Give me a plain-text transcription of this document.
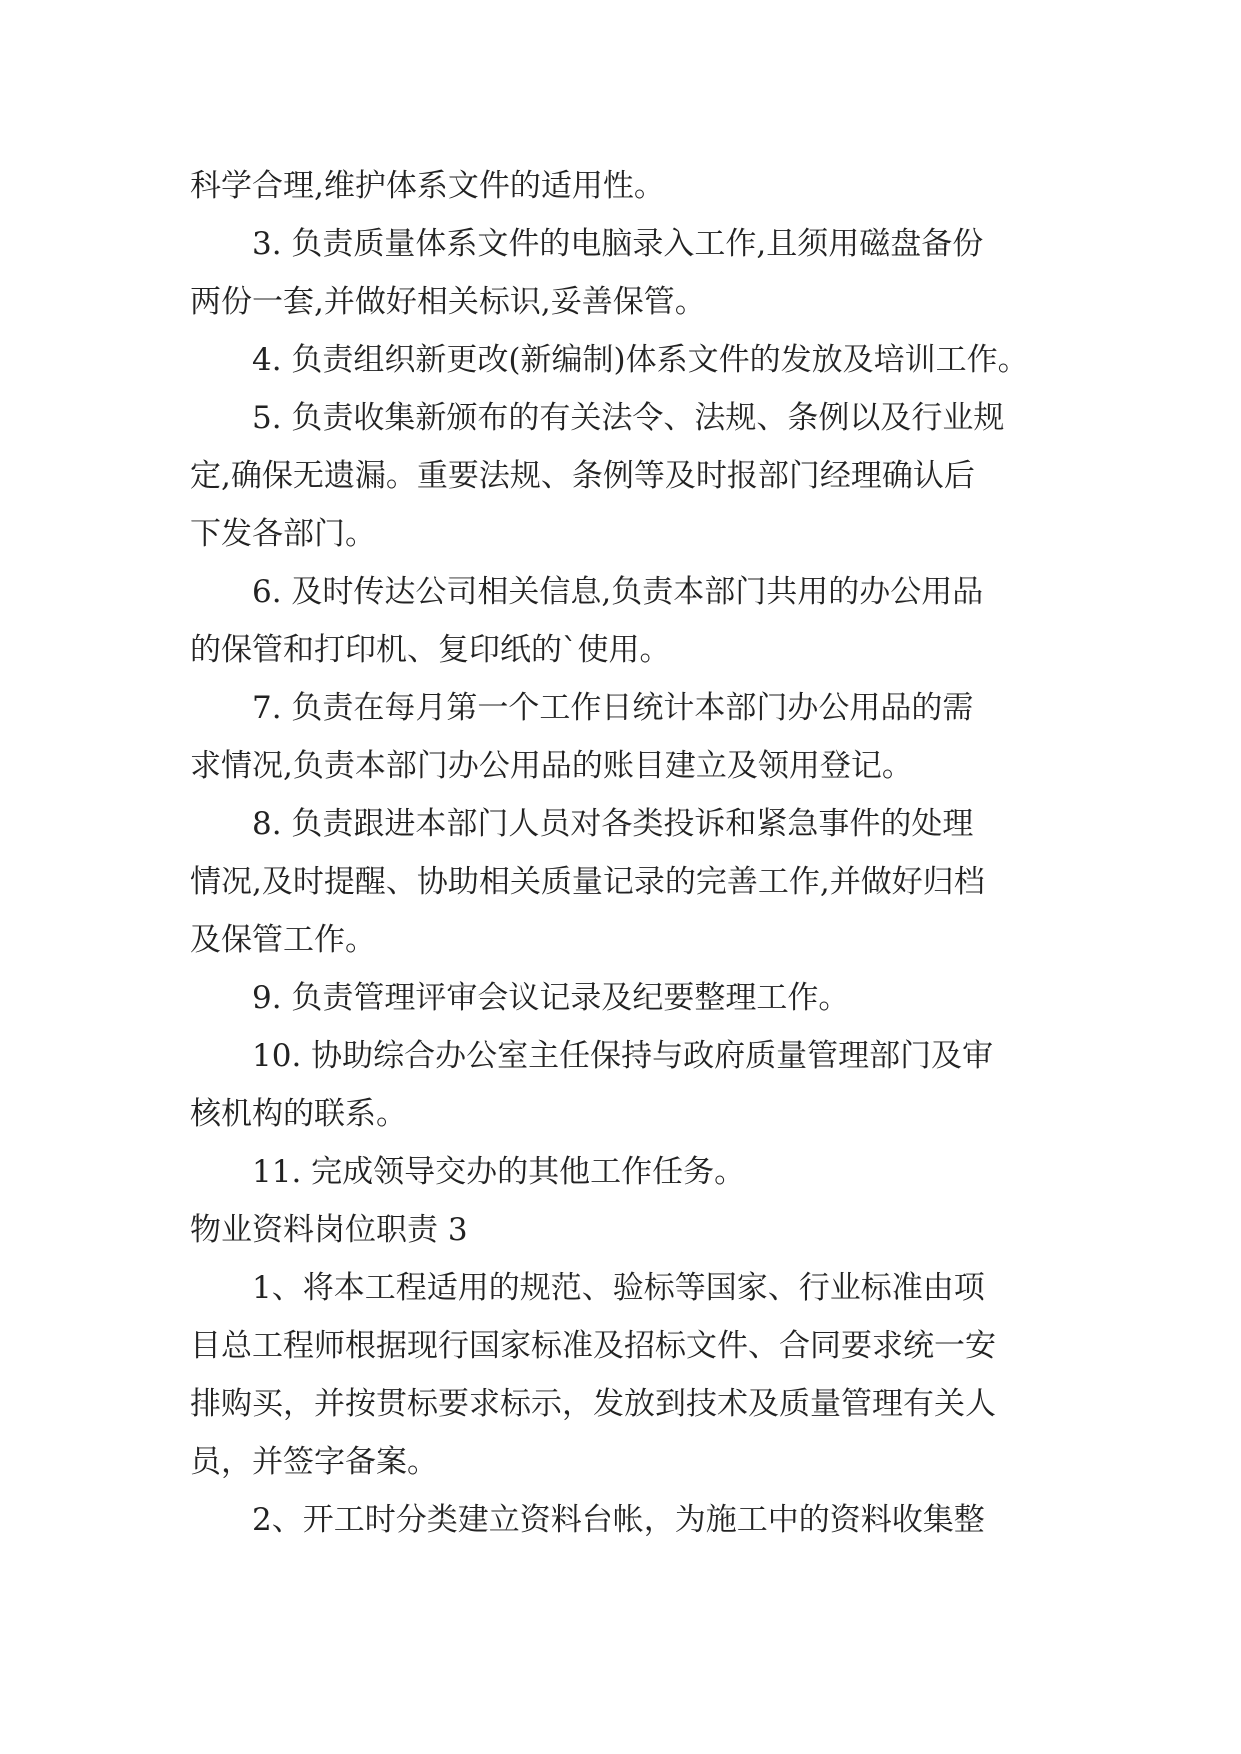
科学合理,维护体系文件的适用性。
3. 负责质量体系文件的电脑录入工作,且须用磁盘备份
两份一套,并做好相关标识,妥善保管。
4. 负责组织新更改(新编制)体系文件的发放及培训工作。
5. 负责收集新颁布的有关法令、法规、条例以及行业规
定,确保无遗漏。重要法规、条例等及时报部门经理确认后
下发各部门。
6. 及时传达公司相关信息,负责本部门共用的办公用品
的保管和打印机、复印纸的`使用。
7. 负责在每月第一个工作日统计本部门办公用品的需
求情况,负责本部门办公用品的账目建立及领用登记。
8. 负责跟进本部门人员对各类投诉和紧急事件的处理
情况,及时提醒、协助相关质量记录的完善工作,并做好归档
及保管工作。
9. 负责管理评审会议记录及纪要整理工作。
10. 协助综合办公室主任保持与政府质量管理部门及审
核机构的联系。
11. 完成领导交办的其他工作任务。
物业资料岗位职责 3
1、将本工程适用的规范、验标等国家、行业标准由项
目总工程师根据现行国家标准及招标文件、合同要求统一安
排购买，并按贯标要求标示，发放到技术及质量管理有关人
员，并签字备案。
2、开工时分类建立资料台帐，为施工中的资料收集整
